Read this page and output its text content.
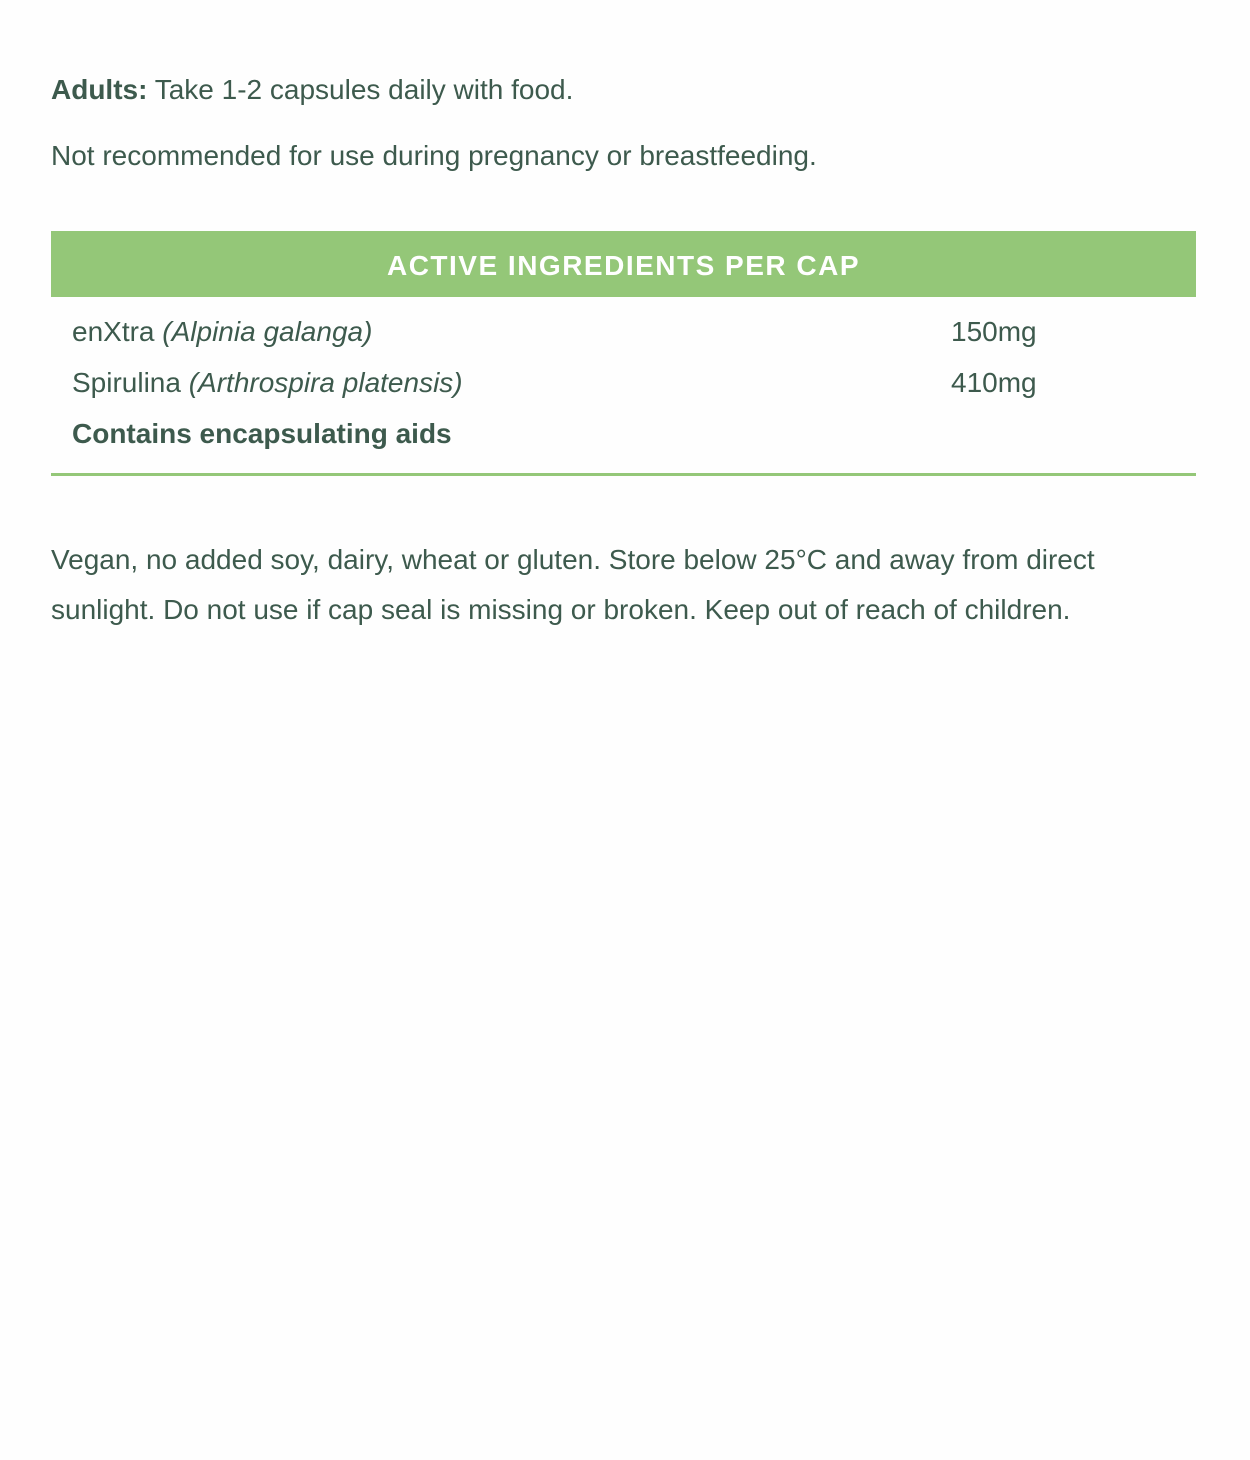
Adults: Take 1-2 capsules daily with food.

Not recommended for use during pregnancy or breastfeeding.

ACTIVE INGREDIENTS PER CAP
enXtra (Alpinia galanga)	150mg
Spirulina (Arthrospira platensis)	410mg
Contains encapsulating aids

Vegan, no added soy, dairy, wheat or gluten. Store below 25°C and away from direct sunlight. Do not use if cap seal is missing or broken. Keep out of reach of children.
